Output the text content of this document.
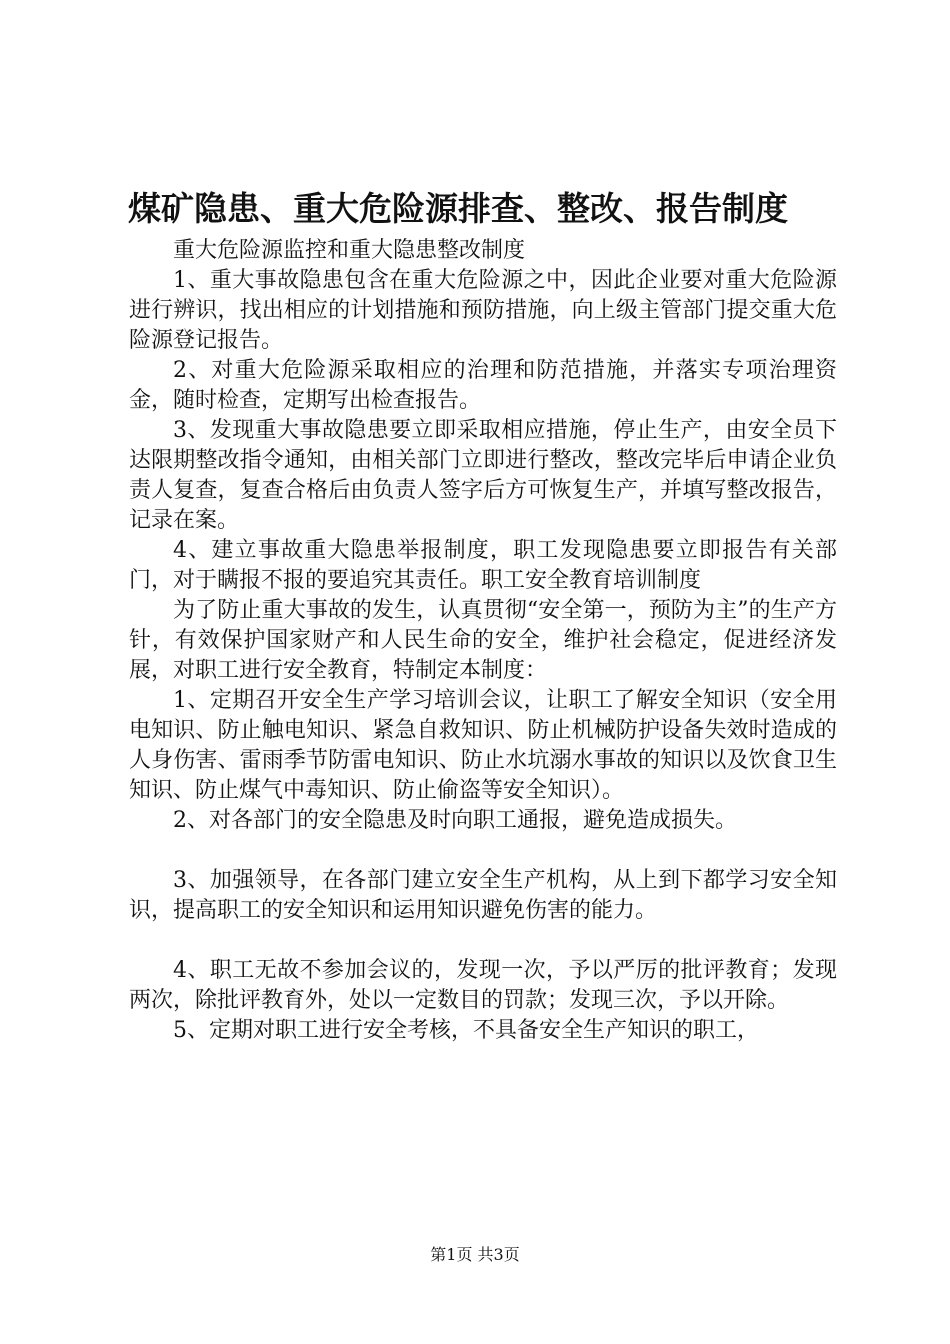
煤矿隐患、重大危险源排查、整改、报告制度

重大危险源监控和重大隐患整改制度

1、重大事故隐患包含在重大危险源之中，因此企业要对重大危险源进行辨识，找出相应的计划措施和预防措施，向上级主管部门提交重大危险源登记报告。

2、对重大危险源采取相应的治理和防范措施，并落实专项治理资金，随时检查，定期写出检查报告。

3、发现重大事故隐患要立即采取相应措施，停止生产，由安全员下达限期整改指令通知，由相关部门立即进行整改，整改完毕后申请企业负责人复查，复查合格后由负责人签字后方可恢复生产，并填写整改报告，记录在案。

4、建立事故重大隐患举报制度，职工发现隐患要立即报告有关部门，对于瞒报不报的要追究其责任。职工安全教育培训制度

为了防止重大事故的发生，认真贯彻“安全第一，预防为主”的生产方针，有效保护国家财产和人民生命的安全，维护社会稳定，促进经济发展，对职工进行安全教育，特制定本制度：

1、定期召开安全生产学习培训会议，让职工了解安全知识（安全用电知识、防止触电知识、紧急自救知识、防止机械防护设备失效时造成的人身伤害、雷雨季节防雷电知识、防止水坑溺水事故的知识以及饮食卫生知识、防止煤气中毒知识、防止偷盗等安全知识）。

2、对各部门的安全隐患及时向职工通报，避免造成损失。

3、加强领导，在各部门建立安全生产机构，从上到下都学习安全知识，提高职工的安全知识和运用知识避免伤害的能力。

4、职工无故不参加会议的，发现一次，予以严厉的批评教育；发现两次，除批评教育外，处以一定数目的罚款；发现三次，予以开除。

5、定期对职工进行安全考核，不具备安全生产知识的职工，

第1页 共3页
